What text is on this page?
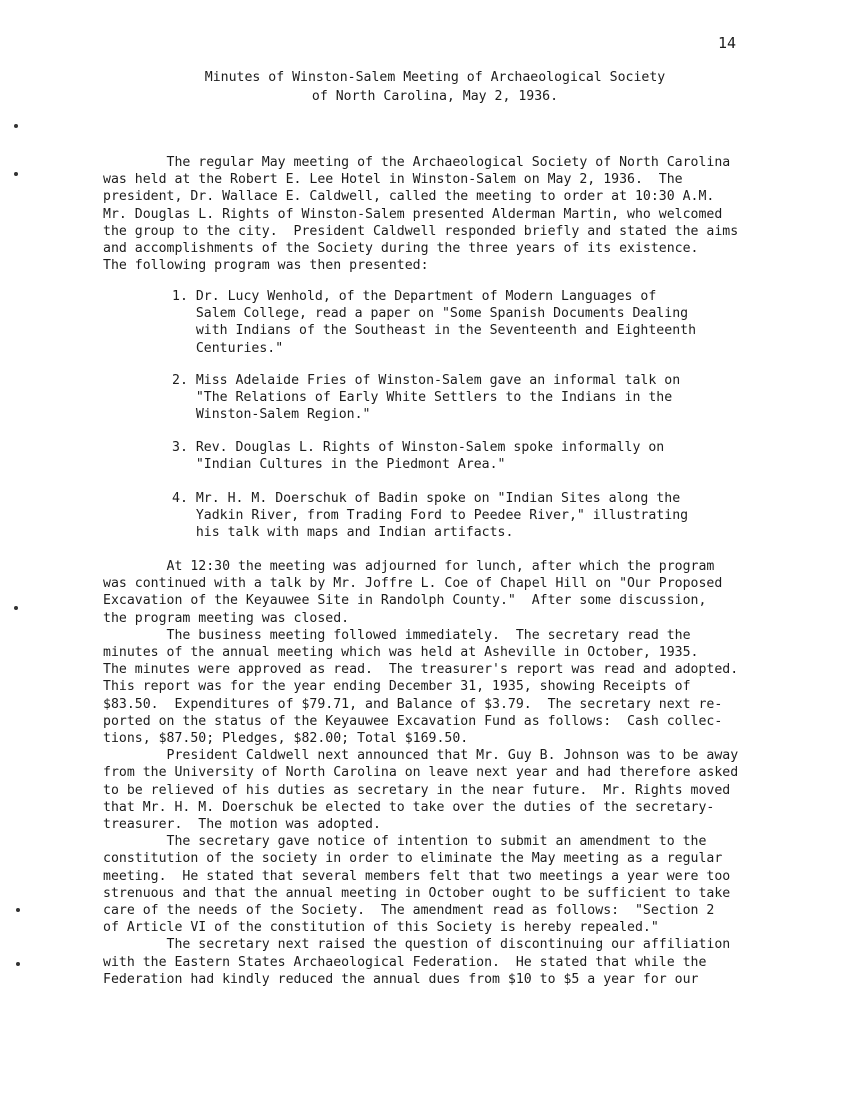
14
Minutes of Winston-Salem Meeting of Archaeological Society
of North Carolina, May 2, 1936.
The regular May meeting of the Archaeological Society of North Carolina
was held at the Robert E. Lee Hotel in Winston-Salem on May 2, 1936.  The
president, Dr. Wallace E. Caldwell, called the meeting to order at 10:30 A.M.
Mr. Douglas L. Rights of Winston-Salem presented Alderman Martin, who welcomed
the group to the city.  President Caldwell responded briefly and stated the aims
and accomplishments of the Society during the three years of its existence.
The following program was then presented:
1. Dr. Lucy Wenhold, of the Department of Modern Languages of
Salem College, read a paper on "Some Spanish Documents Dealing
with Indians of the Southeast in the Seventeenth and Eighteenth
Centuries."
2. Miss Adelaide Fries of Winston-Salem gave an informal talk on
"The Relations of Early White Settlers to the Indians in the
Winston-Salem Region."
3. Rev. Douglas L. Rights of Winston-Salem spoke informally on
"Indian Cultures in the Piedmont Area."
4. Mr. H. M. Doerschuk of Badin spoke on "Indian Sites along the
Yadkin River, from Trading Ford to Peedee River," illustrating
his talk with maps and Indian artifacts.
At 12:30 the meeting was adjourned for lunch, after which the program
was continued with a talk by Mr. Joffre L. Coe of Chapel Hill on "Our Proposed
Excavation of the Keyauwee Site in Randolph County."  After some discussion,
the program meeting was closed.
The business meeting followed immediately.  The secretary read the
minutes of the annual meeting which was held at Asheville in October, 1935.
The minutes were approved as read.  The treasurer's report was read and adopted.
This report was for the year ending December 31, 1935, showing Receipts of
$83.50.  Expenditures of $79.71, and Balance of $3.79.  The secretary next re-
ported on the status of the Keyauwee Excavation Fund as follows:  Cash collec-
tions, $87.50; Pledges, $82.00; Total $169.50.
President Caldwell next announced that Mr. Guy B. Johnson was to be away
from the University of North Carolina on leave next year and had therefore asked
to be relieved of his duties as secretary in the near future.  Mr. Rights moved
that Mr. H. M. Doerschuk be elected to take over the duties of the secretary-
treasurer.  The motion was adopted.
The secretary gave notice of intention to submit an amendment to the
constitution of the society in order to eliminate the May meeting as a regular
meeting.  He stated that several members felt that two meetings a year were too
strenuous and that the annual meeting in October ought to be sufficient to take
care of the needs of the Society.  The amendment read as follows:  "Section 2
of Article VI of the constitution of this Society is hereby repealed."
The secretary next raised the question of discontinuing our affiliation
with the Eastern States Archaeological Federation.  He stated that while the
Federation had kindly reduced the annual dues from $10 to $5 a year for our
